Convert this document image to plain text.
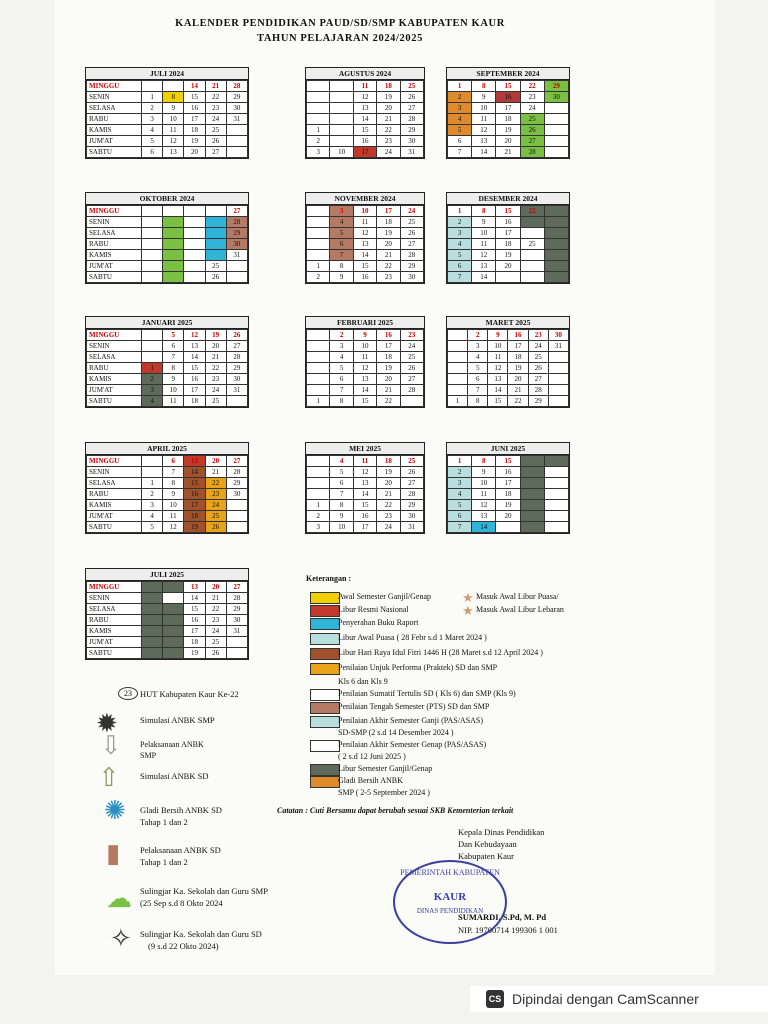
KALENDER PENDIDIKAN PAUD/SD/SMP KABUPATEN KAUR
TAHUN PELAJARAN 2024/2025
JULI 2024
MINGGU			14	21	28
SENIN	1	8	15	22	29
SELASA	2	9	16	23	30
RABU	3	10	17	24	31
KAMIS	4	11	18	25	
JUM'AT	5	12	19	26	
SABTU	6	13	20	27	
AGUSTUS 2024
		11	18	25
		12	19	26
		13	20	27
		14	21	28
1		15	22	29
2		16	23	30
3	10	17	24	31
SEPTEMBER 2024
1	8	15	22	29
2	9	16	23	30
3	10	17	24	
4	11	18	25	
5	12	19	26	
6	13	20	27	
7	14	21	28	
OKTOBER 2024
MINGGU					27
SENIN					28
SELASA					29
RABU					30
KAMIS					31
JUM'AT				25	
SABTU				26	
NOVEMBER 2024
	3	10	17	24
	4	11	18	25
	5	12	19	26
	6	13	20	27
	7	14	21	28
1	8	15	22	29
2	9	16	23	30
DESEMBER 2024
1	8	15	22	
2	9	16		
3	10	17		
4	11	18	25	
5	12	19		
6	13	20		
7	14			
JANUARI 2025
MINGGU		5	12	19	26
SENIN		6	13	20	27
SELASA		7	14	21	28
RABU	1	8	15	22	29
KAMIS	2	9	16	23	30
JUM'AT	3	10	17	24	31
SABTU	4	11	18	25	
FEBRUARI 2025
	2	9	16	23
	3	10	17	24
	4	11	18	25
	5	12	19	26
	6	13	20	27
	7	14	21	28
1	8	15	22	
MARET 2025
	2	9	16	23	30
	3	10	17	24	31
	4	11	18	25	
	5	12	19	26	
	6	13	20	27	
	7	14	21	28	
1	8	15	22	29	
APRIL 2025
MINGGU		6	13	20	27
SENIN		7	14	21	28
SELASA	1	8	15	22	29
RABU	2	9	16	23	30
KAMIS	3	10	17	24	
JUM'AT	4	11	18	25	
SABTU	5	12	19	26	
MEI 2025
	4	11	18	25
	5	12	19	26
	6	13	20	27
	7	14	21	28
1	8	15	22	29
2	9	16	23	30
3	10	17	24	31
JUNI 2025
1	8	15		
2	9	16		
3	10	17		
4	11	18		
5	12	19		
6	13	20		
7	14			
JULI 2025
MINGGU			13	20	27
SENIN			14	21	28
SELASA			15	22	29
RABU			16	23	30
KAMIS			17	24	31
JUM'AT			18	25	
SABTU			19	26	
Keterangan :
Awal Semester Ganjil/Genap ★ Masuk Awal Libur Puasa/
Libur Resmi Nasional	★ Masuk Awal Libur Lebaran
Penyerahan Buku Raport
Libur Awal Puasa ( 28 Febr s.d 1 Maret 2024 )
Libur Hari Raya Idul Fitri 1446 H (28 Maret s.d 12 April 2024 )
Penilaian Unjuk Performa (Praktek) SD dan SMP
Kls 6 dan Kls 9
Penilaian Sumatif Tertulis SD ( Kls 6) dan SMP (Kls 9)
Penilaian Tengah Semester (PTS) SD dan SMP
Penilaian Akhir Semester Ganji (PAS/ASAS)
SD-SMP (2 s.d 14 Desember 2024 )
Penilaian Akhir Semester Genap (PAS/ASAS)
( 2 s.d 12 Juni 2025 )
Libur Semester Ganjil/Genap
Gladi Bersih ANBK
SMP ( 2-5 September 2024 )
HUT Kabupaten Kaur Ke-22
Simulasi ANBK SMP
Pelaksanaan ANBK
SMP
Simulasi ANBK SD
Gladi Bersih ANBK SD
Tahap 1 dan 2
Pelaksanaan ANBK SD
Tahap 1 dan 2
Sulingjar Ka. Sekolah dan Guru SMP
(25 Sep s.d 8 Okto 2024
Sulingjar Ka. Sekolah dan Guru SD
(9 s.d 22 Okto 2024)
23
✹
⇩
⇧
✺
▮
☁
✧
Catatan : Cuti Bersamu dapat berubah sesuai SKB Kementerian terkait
Kepala Dinas Pendidikan
Dan Kebudayaan
Kabupaten Kaur
SUMARDI, S.Pd, M. Pd
NIP. 19700714 199306 1 001
PEMERINTAH KABUPATEN
KAUR
DINAS PENDIDIKAN
CS Dipindai dengan CamScanner
